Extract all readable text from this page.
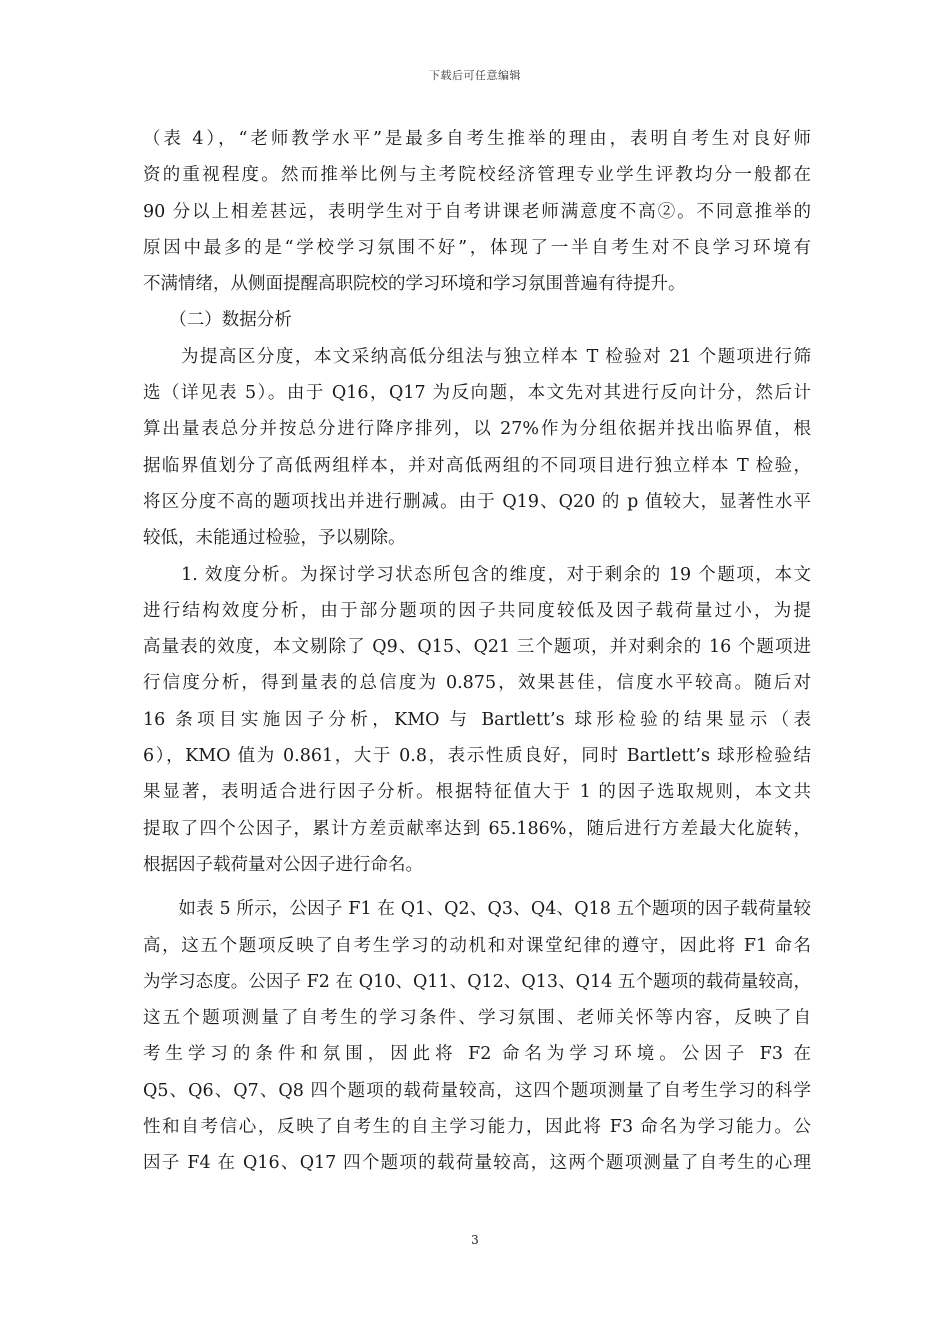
下载后可任意编辑

（表 4），“老师教学水平”是最多自考生推举的理由，表明自考生对良好师

资的重视程度。然而推举比例与主考院校经济管理专业学生评教均分一般都在

90 分以上相差甚远，表明学生对于自考讲课老师满意度不高②。不同意推举的

原因中最多的是“学校学习氛围不好”，体现了一半自考生对不良学习环境有

不满情绪，从侧面提醒高职院校的学习环境和学习氛围普遍有待提升。

　　（二）数据分析

　　为提高区分度，本文采纳高低分组法与独立样本 T 检验对 21 个题项进行筛

选（详见表 5）。由于 Q16，Q17 为反向题，本文先对其进行反向计分，然后计

算出量表总分并按总分进行降序排列，以 27%作为分组依据并找出临界值，根

据临界值划分了高低两组样本，并对高低两组的不同项目进行独立样本 T 检验，

将区分度不高的题项找出并进行删减。由于 Q19、Q20 的 p 值较大，显著性水平

较低，未能通过检验，予以剔除。

　　1. 效度分析。为探讨学习状态所包含的维度，对于剩余的 19 个题项，本文

进行结构效度分析，由于部分题项的因子共同度较低及因子载荷量过小，为提

高量表的效度，本文剔除了 Q9、Q15、Q21 三个题项，并对剩余的 16 个题项进

行信度分析，得到量表的总信度为 0.875，效果甚佳，信度水平较高。随后对

16 条项目实施因子分析，KMO 与 Bartlett’s 球形检验的结果显示（表

6），KMO 值为 0.861，大于 0.8，表示性质良好，同时 Bartlett’s 球形检验结

果显著，表明适合进行因子分析。根据特征值大于 1 的因子选取规则，本文共

提取了四个公因子，累计方差贡献率达到 65.186%，随后进行方差最大化旋转，

根据因子载荷量对公因子进行命名。

　　如表 5 所示，公因子 F1 在 Q1、Q2、Q3、Q4、Q18 五个题项的因子载荷量较

高，这五个题项反映了自考生学习的动机和对课堂纪律的遵守，因此将 F1 命名

为学习态度。公因子 F2 在 Q10、Q11、Q12、Q13、Q14 五个题项的载荷量较高，

这五个题项测量了自考生的学习条件、学习氛围、老师关怀等内容，反映了自

考生学习的条件和氛围，因此将 F2 命名为学习环境。公因子 F3 在

Q5、Q6、Q7、Q8 四个题项的载荷量较高，这四个题项测量了自考生学习的科学

性和自考信心，反映了自考生的自主学习能力，因此将 F3 命名为学习能力。公

因子 F4 在 Q16、Q17 四个题项的载荷量较高，这两个题项测量了自考生的心理

3
